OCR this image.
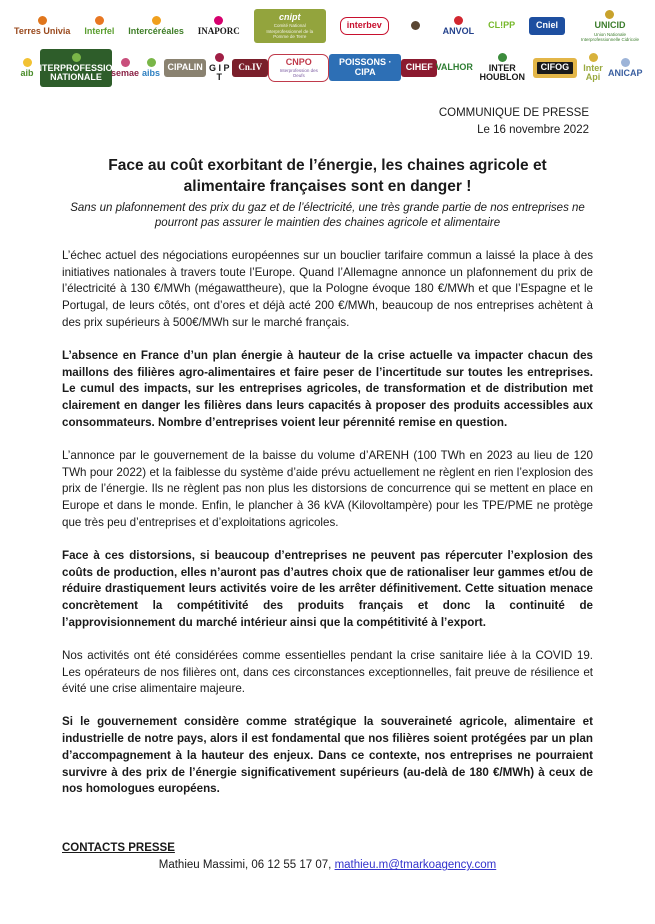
Terres Univia Interfel Intercéréales INAPORC
cnipt
Comité National Interprofessionnel de la Pomme de Terre
interbev
ANVOL
CL!PP Cniel	UNICID
Union Nationale Interprofessionnelle Cidricole
aib INTERPROFESSION NATIONALE	semae aibs
CIPALIN G I P T
Cn.IV
CNPO
Interprofession des Oeufs
POISSONS · CIPA	CIHEF VALHOR	INTER HOUBLON
CIFOG	Inter Api ANICAP
COMMUNIQUE DE PRESSE
Le 16 novembre 2022
Face au coût exorbitant de l’énergie, les chaines agricole et alimentaire françaises sont en danger !
Sans un plafonnement des prix du gaz et de l’électricité, une très grande partie de nos entreprises ne pourront pas assurer le maintien des chaines agricole et alimentaire

L’échec actuel des négociations européennes sur un bouclier tarifaire commun a laissé la place à des initiatives nationales à travers toute l’Europe. Quand l’Allemagne annonce un plafonnement du prix de l’électricité à 130 €/MWh (mégawattheure), que la Pologne évoque 180 €/MWh et que l’Espagne et le Portugal, de leurs côtés, ont d’ores et déjà acté 200 €/MWh, beaucoup de nos entreprises achètent à des prix supérieurs à 500€/MWh sur le marché français.

L’absence en France d’un plan énergie à hauteur de la crise actuelle va impacter chacun des maillons des filières agro-alimentaires et faire peser de l’incertitude sur toutes les entreprises. Le cumul des impacts, sur les entreprises agricoles, de transformation et de distribution met clairement en danger les filières dans leurs capacités à proposer des produits accessibles aux consommateurs. Nombre d’entreprises voient leur pérennité remise en question.

L’annonce par le gouvernement de la baisse du volume d’ARENH (100 TWh en 2023 au lieu de 120 TWh pour 2022) et la faiblesse du système d’aide prévu actuellement ne règlent en rien l’explosion des prix de l’énergie. Ils ne règlent pas non plus les distorsions de concurrence qui se mettent en place en Europe et dans le monde. Enfin, le plancher à 36 kVA (Kilovoltampère) pour les TPE/PME ne protège que très peu d’entreprises et d’exploitations agricoles.

Face à ces distorsions, si beaucoup d’entreprises ne peuvent pas répercuter l’explosion des coûts de production, elles n’auront pas d’autres choix que de rationaliser leur gammes et/ou de réduire drastiquement leurs activités voire de les arrêter définitivement. Cette situation menace concrètement la compétitivité des produits français et donc la continuité de l’approvisionnement du marché intérieur ainsi que la compétitivité à l’export.

Nos activités ont été considérées comme essentielles pendant la crise sanitaire liée à la COVID 19. Les opérateurs de nos filières ont, dans ces circonstances exceptionnelles, fait preuve de résilience et évité une crise alimentaire majeure.

Si le gouvernement considère comme stratégique la souveraineté agricole, alimentaire et industrielle de notre pays, alors il est fondamental que nos filières soient protégées par un plan d’accompagnement à la hauteur des enjeux. Dans ce contexte, nos entreprises ne pourraient survivre à des prix de l’énergie significativement supérieurs (au-delà de 180 €/MWh) à ceux de nos homologues européens.

CONTACTS PRESSE
Mathieu Massimi, 06 12 55 17 07, mathieu.m@tmarkoagency.com
